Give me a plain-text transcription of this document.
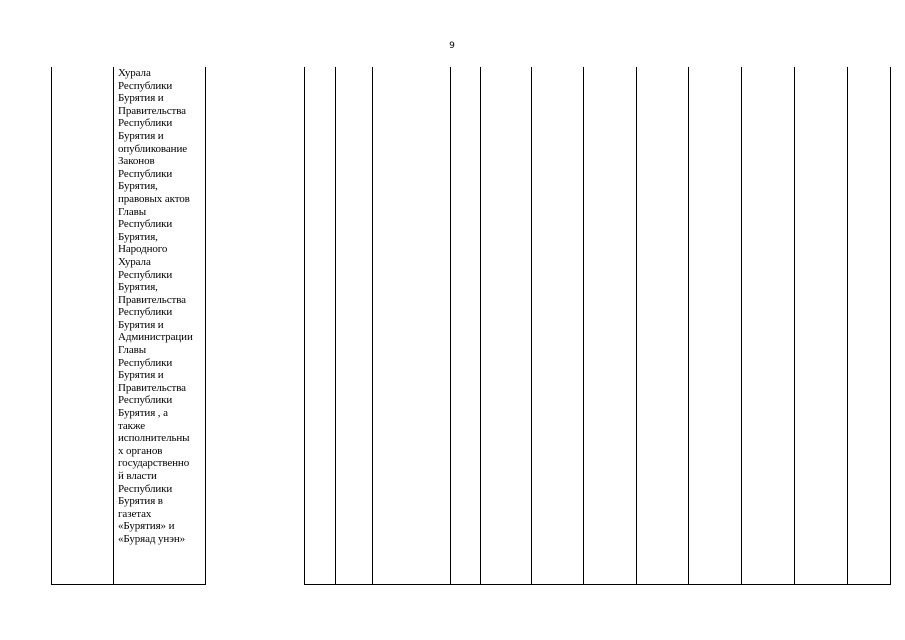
9
Хурала
Республики
Бурятия и
Правительства
Республики
Бурятия и
опубликование
Законов
Республики
Бурятия,
правовых актов
Главы
Республики
Бурятия,
Народного
Хурала
Республики
Бурятия,
Правительства
Республики
Бурятия и
Администрации
Главы
Республики
Бурятия и
Правительства
Республики
Бурятия , а
также
исполнительны
х органов
государственно
й власти
Республики
Бурятия в
газетах
«Бурятия» и
«Буряад унэн»
